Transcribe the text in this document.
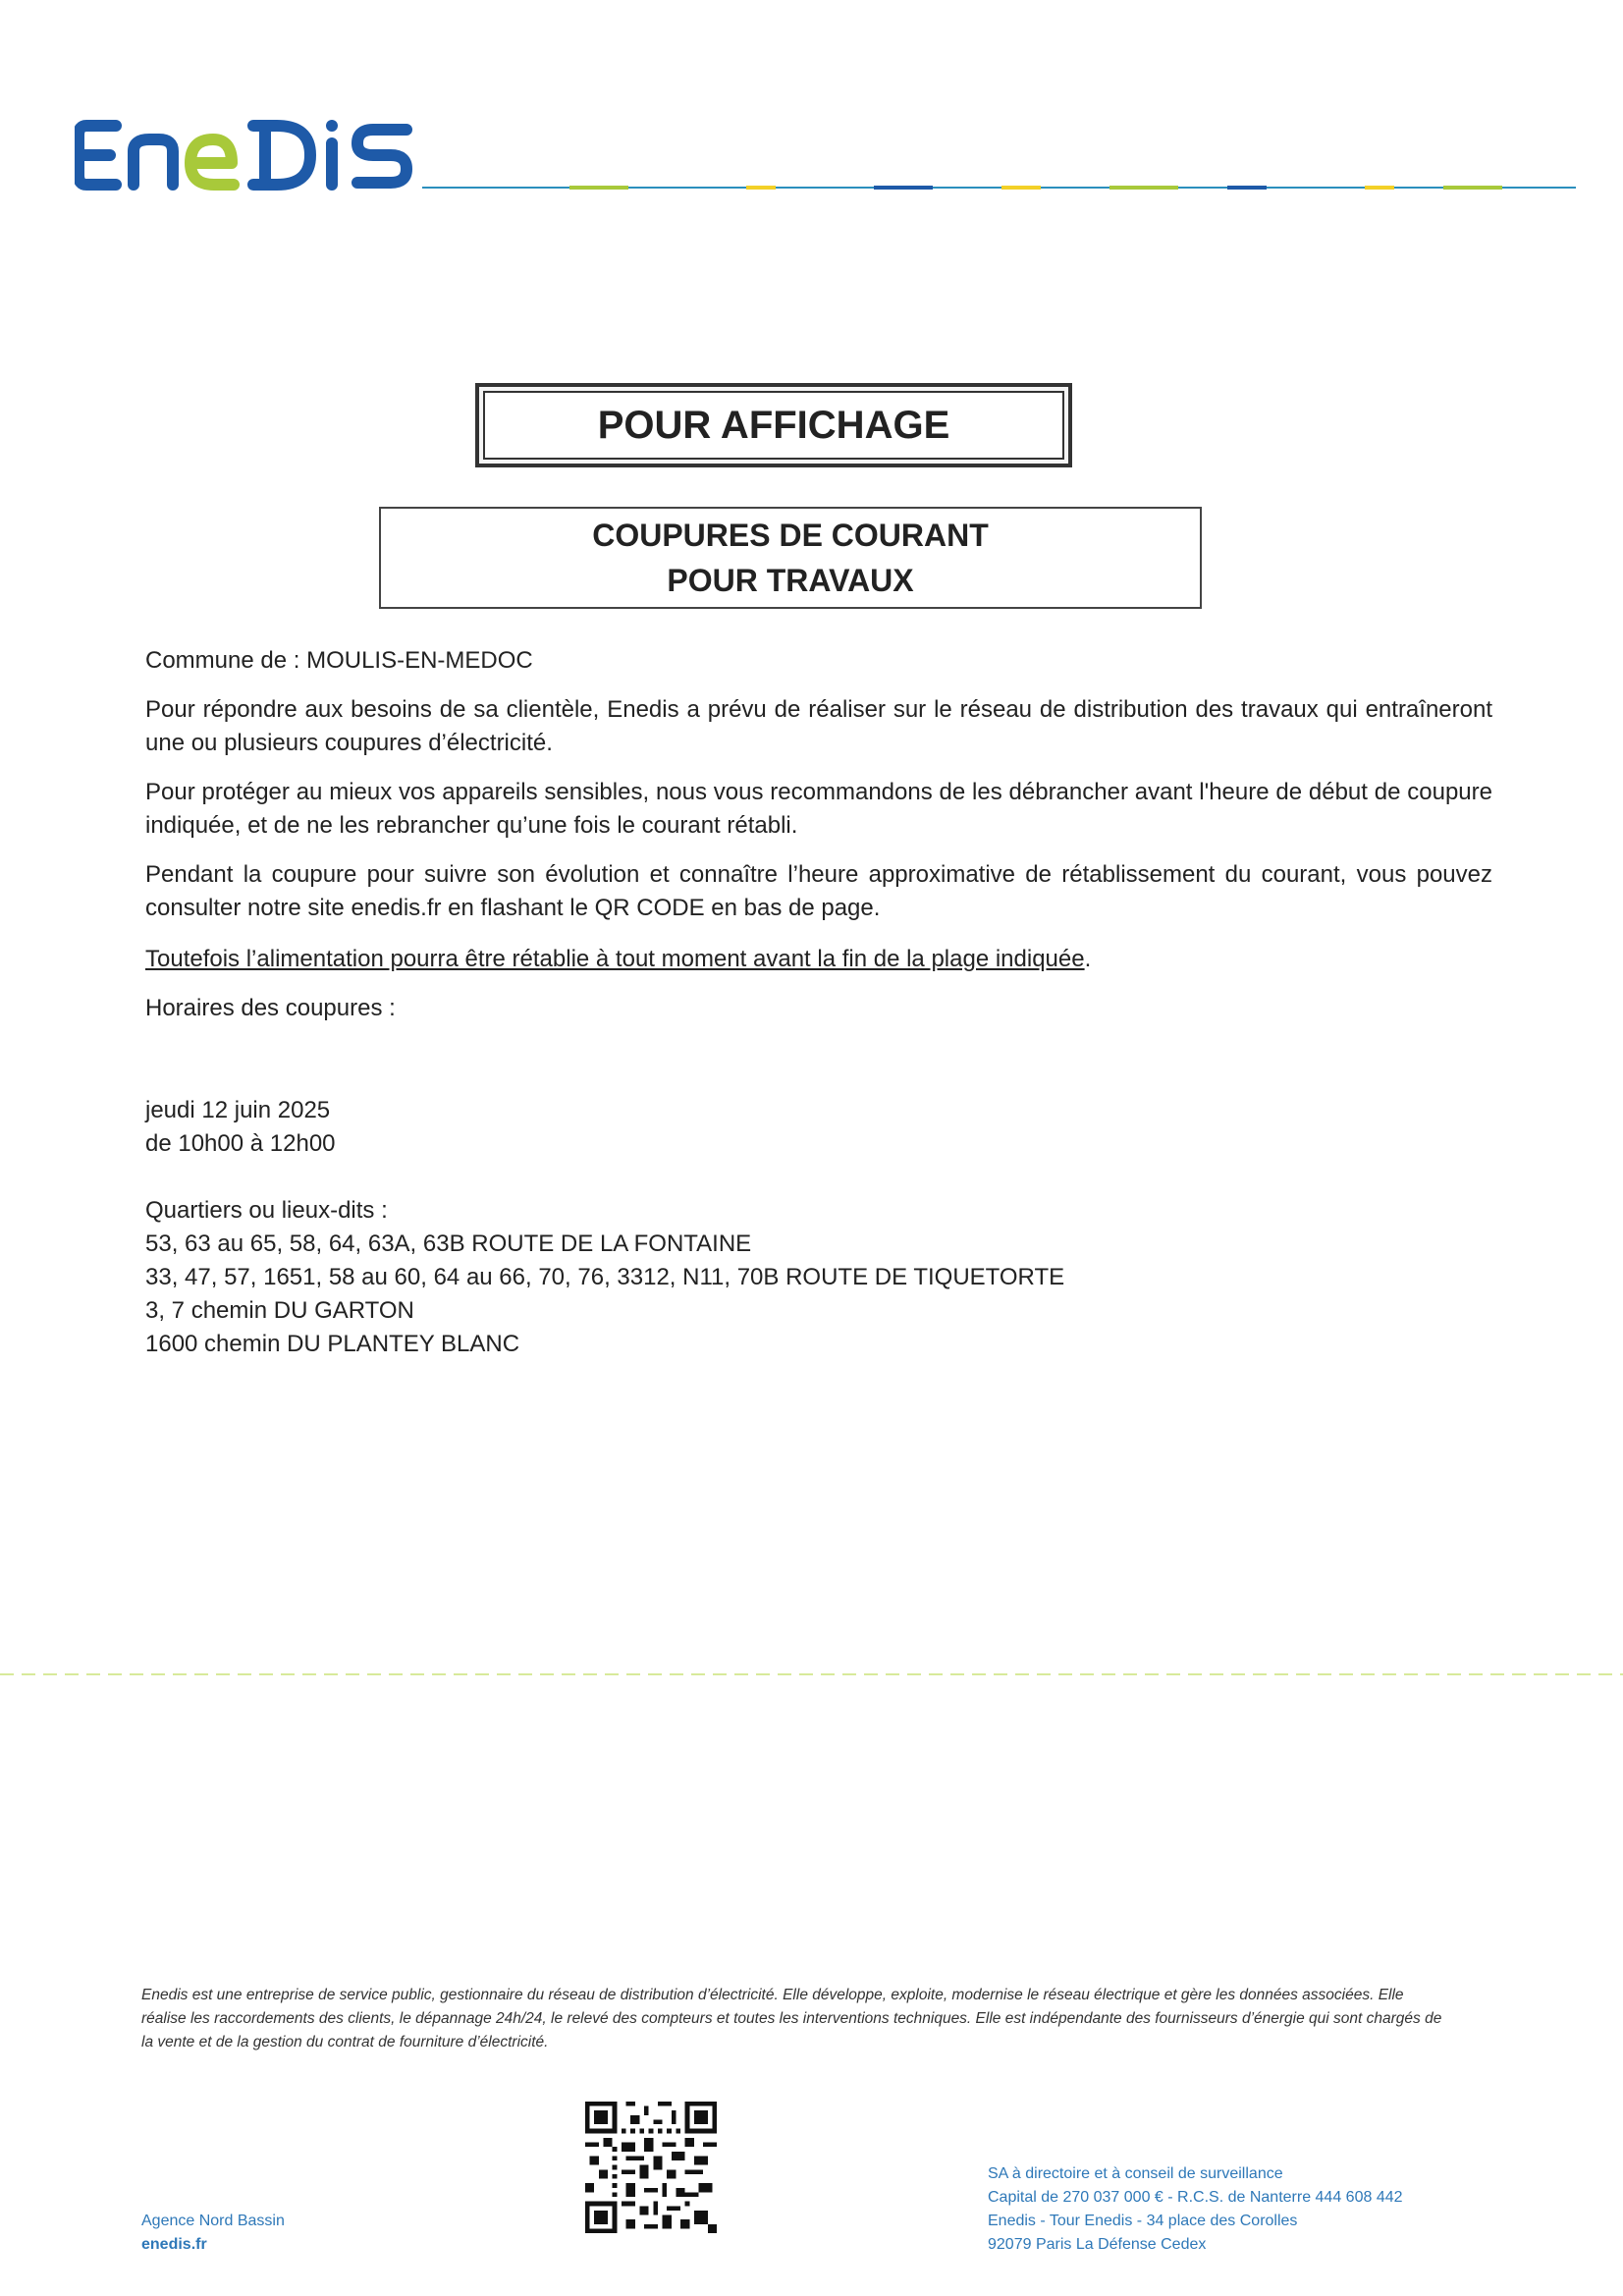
POUR AFFICHAGE
COUPURES DE COURANT
POUR TRAVAUX
Commune de : MOULIS-EN-MEDOC
Pour répondre aux besoins de sa clientèle, Enedis a prévu de réaliser sur le réseau de distribution des travaux qui entraîneront une ou plusieurs coupures d’électricité.
Pour protéger au mieux vos appareils sensibles, nous vous recommandons de les débrancher avant l'heure de début de coupure indiquée, et de ne les rebrancher qu’une fois le courant rétabli.
Pendant la coupure pour suivre son évolution et connaître l’heure approximative de rétablissement du courant, vous pouvez consulter notre site enedis.fr en flashant le QR CODE en bas de page.
Toutefois l’alimentation pourra être rétablie à tout moment avant la fin de la plage indiquée.
Horaires des coupures :
jeudi 12 juin 2025
de 10h00 à 12h00
Quartiers ou lieux-dits :
53, 63 au 65, 58, 64, 63A, 63B ROUTE DE LA FONTAINE
33, 47, 57, 1651, 58 au 60, 64 au 66, 70, 76, 3312, N11, 70B ROUTE DE TIQUETORTE
3, 7 chemin DU GARTON
1600 chemin DU PLANTEY BLANC
Enedis est une entreprise de service public, gestionnaire du réseau de distribution d’électricité. Elle développe, exploite, modernise le réseau électrique et gère les données associées. Elle réalise les raccordements des clients, le dépannage 24h/24, le relevé des compteurs et toutes les interventions techniques. Elle est indépendante des fournisseurs d’énergie qui sont chargés de la vente et de la gestion du contrat de fourniture d’électricité.
Agence Nord Bassin
enedis.fr
SA à directoire et à conseil de surveillance
Capital de 270 037 000 € - R.C.S. de Nanterre 444 608 442
Enedis - Tour Enedis - 34 place des Corolles
92079 Paris La Défense Cedex
